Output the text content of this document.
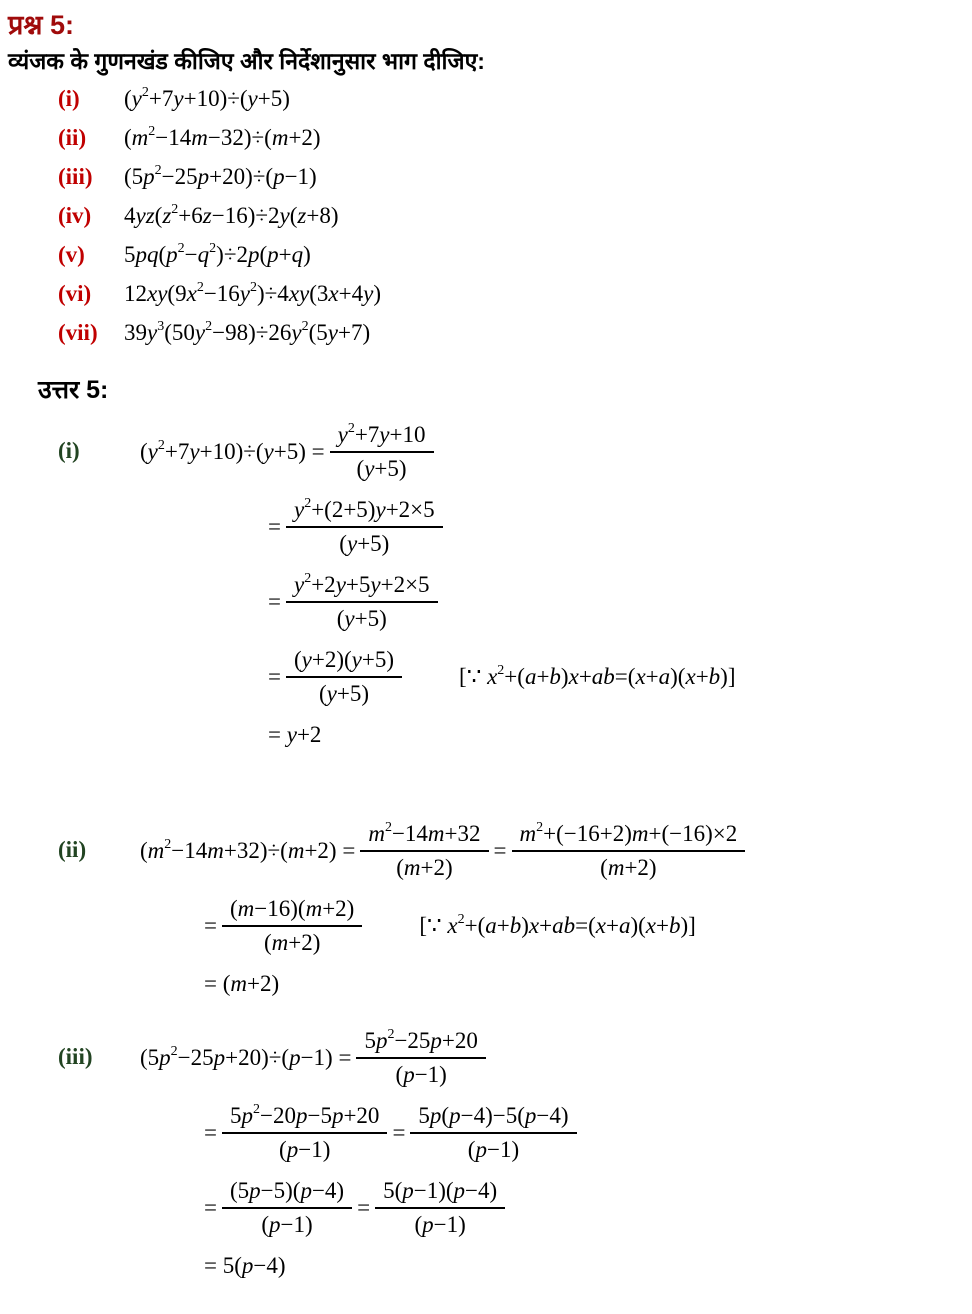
प्रश्न 5:

व्यंजक के गुणनखंड कीजिए और निर्देशानुसार भाग दीजिए:

(i)	$(y^2+7y+10)\div(y+5)$
(ii)	$(m^2-14m-32)\div(m+2)$
(iii)	$(5p^2-25p+20)\div(p-1)$
(iv)	$4yz(z^2+6z-16)\div 2y(z+8)$
(v)	$5pq(p^2-q^2)\div 2p(p+q)$
(vi)	$12xy(9x^2-16y^2)\div 4xy(3x+4y)$
(vii)	$39y^3(50y^2-98)\div 26y^2(5y+7)$
उत्तर 5:
(i)	$(y^2+7y+10)\div(y+5) = \frac{y^2+7y+10}{(y+5)}$
= $\frac{y^2+(2+5)y+2\times 5}{(y+5)}$
= $\frac{y^2+2y+5y+2\times 5}{(y+5)}$
= $\frac{(y+2)(y+5)}{(y+5)}$ [∵ $x^2+(a+b)x+ab=(x+a)(x+b)$]
= y+2
(ii)	$(m^2-14m+32)\div(m+2) = \frac{m^2-14m+32}{(m+2)} = \frac{m^2+(-16+2)m+(-16)\times 2}{(m+2)}$
= $\frac{(m-16)(m+2)}{(m+2)}$ [∵ $x^2+(a+b)x+ab=(x+a)(x+b)$]
= (m+2)
(iii)	$(5p^2-25p+20)\div(p-1) = \frac{5p^2-25p+20}{(p-1)}$
= $\frac{5p^2-20p-5p+20}{(p-1)} = \frac{5p(p-4)-5(p-4)}{(p-1)}$
= $\frac{(5p-5)(p-4)}{(p-1)} = \frac{5(p-1)(p-4)}{(p-1)}$
= 5(p−4)
